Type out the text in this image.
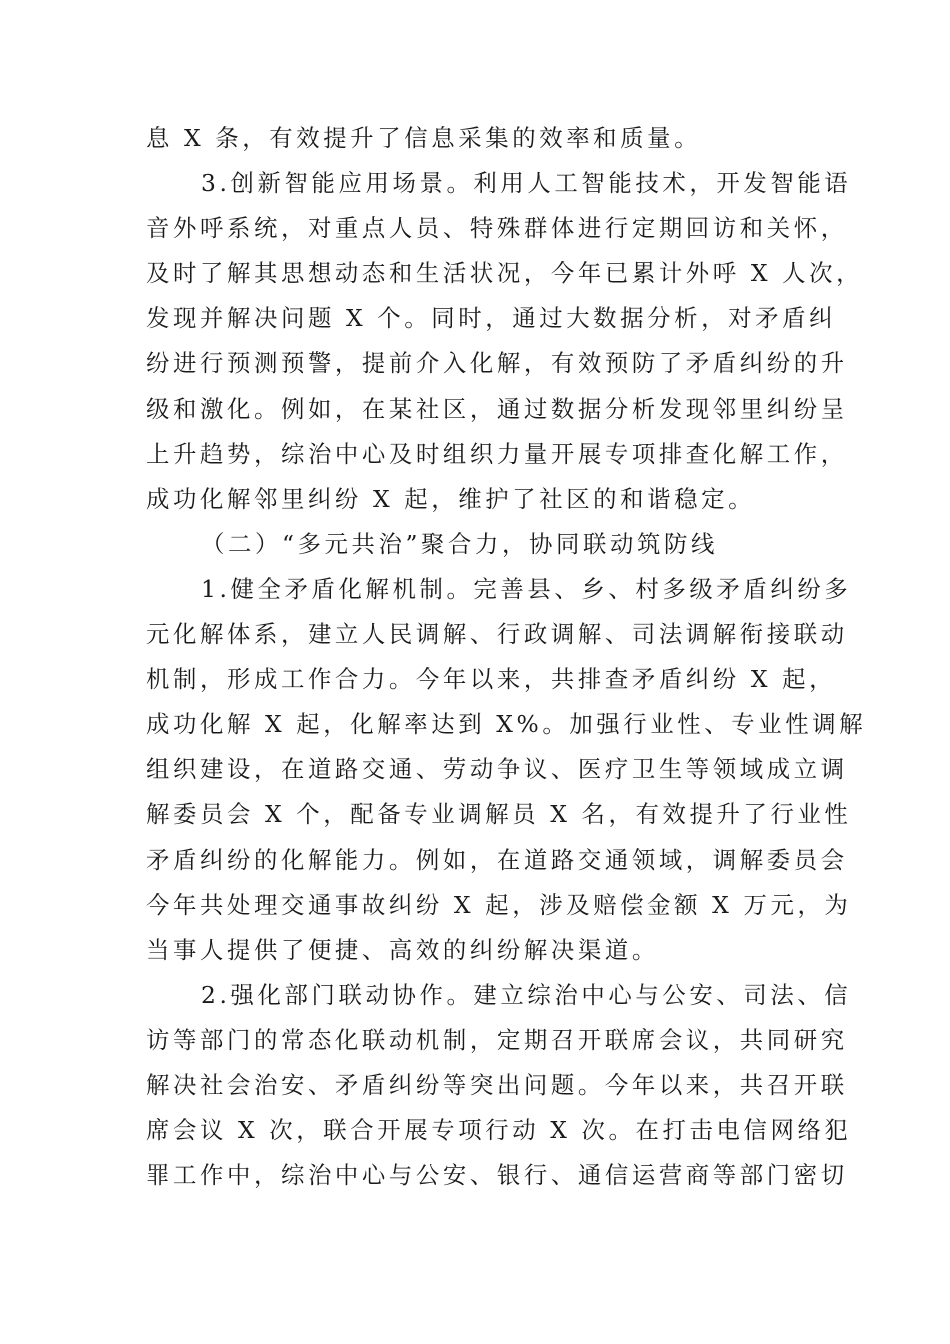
息 X 条，有效提升了信息采集的效率和质量。
3.创新智能应用场景。利用人工智能技术，开发智能语
音外呼系统，对重点人员、特殊群体进行定期回访和关怀，
及时了解其思想动态和生活状况，今年已累计外呼 X 人次，
发现并解决问题 X 个。同时，通过大数据分析，对矛盾纠
纷进行预测预警，提前介入化解，有效预防了矛盾纠纷的升
级和激化。例如，在某社区，通过数据分析发现邻里纠纷呈
上升趋势，综治中心及时组织力量开展专项排查化解工作，
成功化解邻里纠纷 X 起，维护了社区的和谐稳定。
（二）“多元共治”聚合力，协同联动筑防线
1.健全矛盾化解机制。完善县、乡、村多级矛盾纠纷多
元化解体系，建立人民调解、行政调解、司法调解衔接联动
机制，形成工作合力。今年以来，共排查矛盾纠纷 X 起，
成功化解 X 起，化解率达到 X%。加强行业性、专业性调解
组织建设，在道路交通、劳动争议、医疗卫生等领域成立调
解委员会 X 个，配备专业调解员 X 名，有效提升了行业性
矛盾纠纷的化解能力。例如，在道路交通领域，调解委员会
今年共处理交通事故纠纷 X 起，涉及赔偿金额 X 万元，为
当事人提供了便捷、高效的纠纷解决渠道。
2.强化部门联动协作。建立综治中心与公安、司法、信
访等部门的常态化联动机制，定期召开联席会议，共同研究
解决社会治安、矛盾纠纷等突出问题。今年以来，共召开联
席会议 X 次，联合开展专项行动 X 次。在打击电信网络犯
罪工作中，综治中心与公安、银行、通信运营商等部门密切
